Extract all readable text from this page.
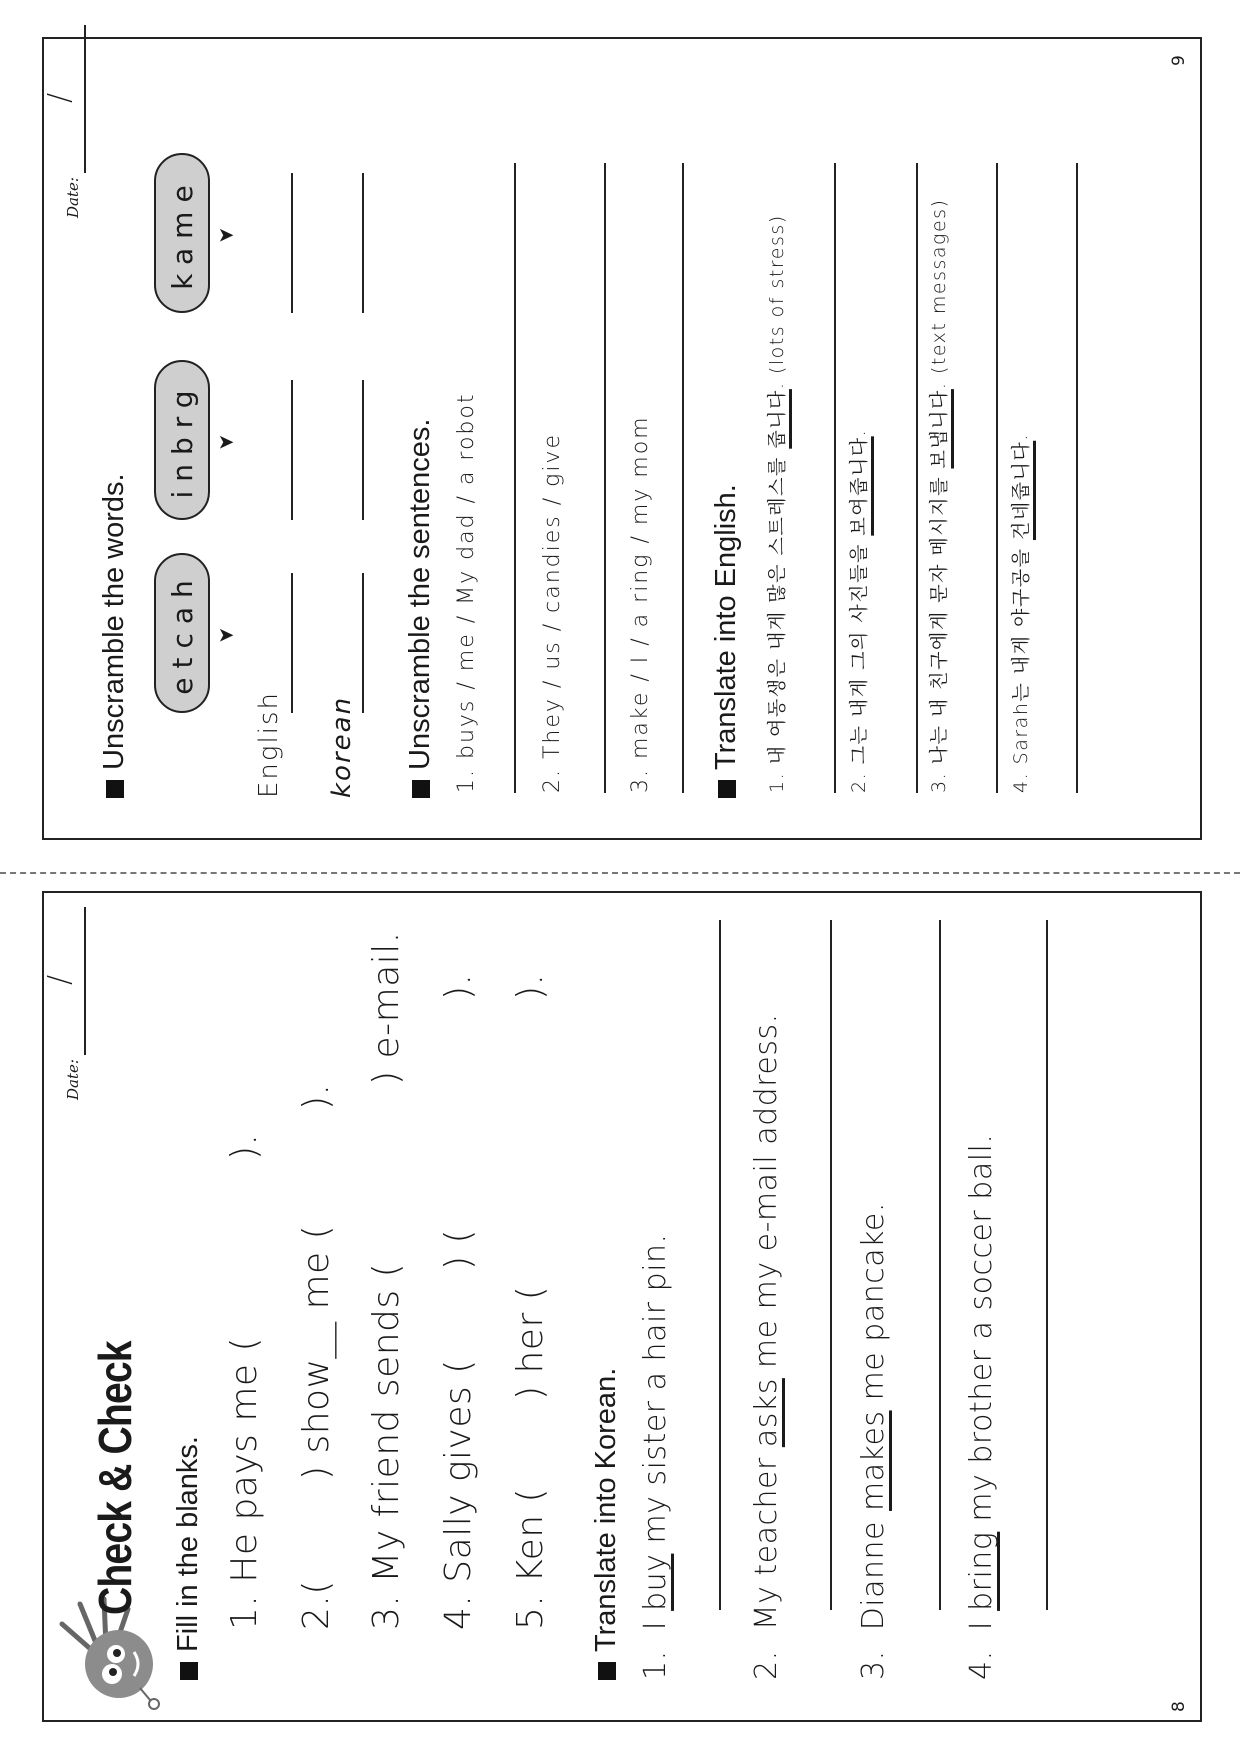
Check & Check
Date:
/
Fill in the blanks. 1. He pays me (
).
2.(
) show__ me (
).
3. My friend sends (
) e-mail.
4. Sally gives (
) (
).
5. Ken (
) her (
).
Translate into Korean.
1.  I buy my sister a hair pin.
2.  My teacher asks me my e-mail address.
3.  Dianne makes me pancake.
4.  I bring my brother a soccer ball.
8
Date:
/
Unscramble the words.	etcah
inbrg
kame
➤
➤
➤
English korean Unscramble the sentences. 1. buys / me / My dad / a robot	2. They / us / candies / give	3. make / I / a ring / my mom Translate into English. 1. 내 여동생은 내게 많은 스트레스를 줍니다. (lots of stress)
2. 그는 내게 그의 사진들을 보여줍니다.
3. 나는 내 친구에게 문자 메시지를 보냅니다. (text messages)
4. Sarah는 내게 야구공을 건네줍니다.
9
